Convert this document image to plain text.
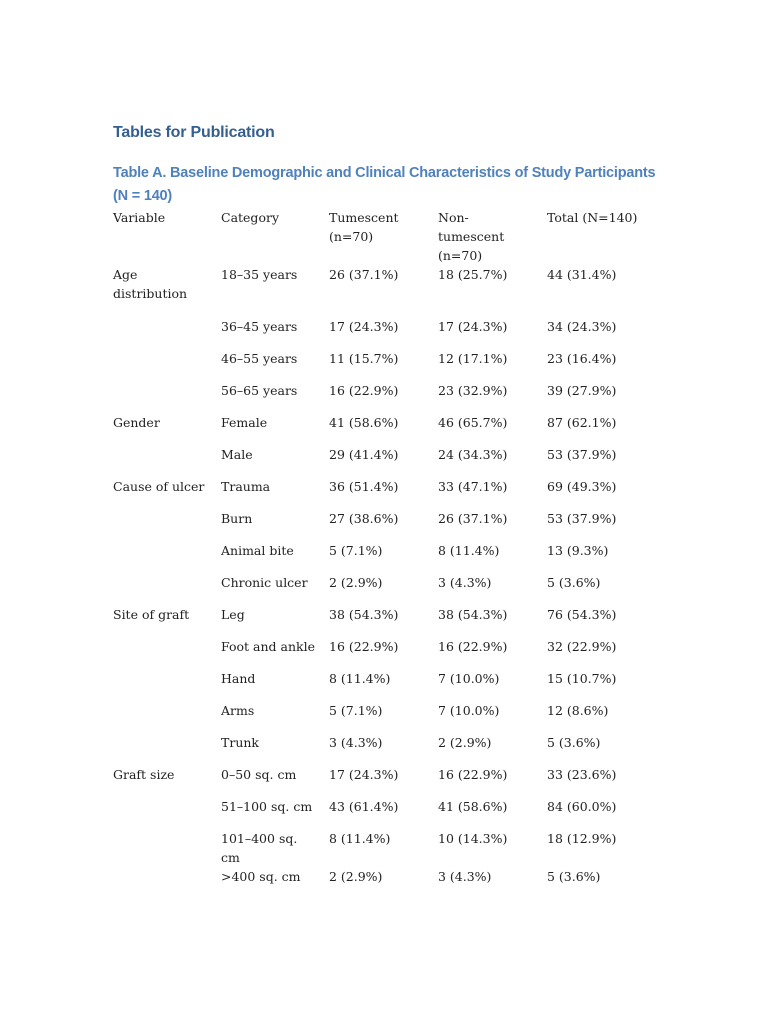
Tables for Publication
Table A. Baseline Demographic and Clinical Characteristics of Study Participants (N = 140)
Variable	Category	Tumescent (n=70)	Non-tumescent (n=70)	Total (N=140)
Age distribution	18–35 years	26 (37.1%)	18 (25.7%)	44 (31.4%)
	36–45 years	17 (24.3%)	17 (24.3%)	34 (24.3%)
	46–55 years	11 (15.7%)	12 (17.1%)	23 (16.4%)
	56–65 years	16 (22.9%)	23 (32.9%)	39 (27.9%)
Gender	Female	41 (58.6%)	46 (65.7%)	87 (62.1%)
	Male	29 (41.4%)	24 (34.3%)	53 (37.9%)
Cause of ulcer	Trauma	36 (51.4%)	33 (47.1%)	69 (49.3%)
	Burn	27 (38.6%)	26 (37.1%)	53 (37.9%)
	Animal bite	5 (7.1%)	8 (11.4%)	13 (9.3%)
	Chronic ulcer	2 (2.9%)	3 (4.3%)	5 (3.6%)
Site of graft	Leg	38 (54.3%)	38 (54.3%)	76 (54.3%)
	Foot and ankle	16 (22.9%)	16 (22.9%)	32 (22.9%)
	Hand	8 (11.4%)	7 (10.0%)	15 (10.7%)
	Arms	5 (7.1%)	7 (10.0%)	12 (8.6%)
	Trunk	3 (4.3%)	2 (2.9%)	5 (3.6%)
Graft size	0–50 sq. cm	17 (24.3%)	16 (22.9%)	33 (23.6%)
	51–100 sq. cm	43 (61.4%)	41 (58.6%)	84 (60.0%)
	101–400 sq. cm	8 (11.4%)	10 (14.3%)	18 (12.9%)
	>400 sq. cm	2 (2.9%)	3 (4.3%)	5 (3.6%)
